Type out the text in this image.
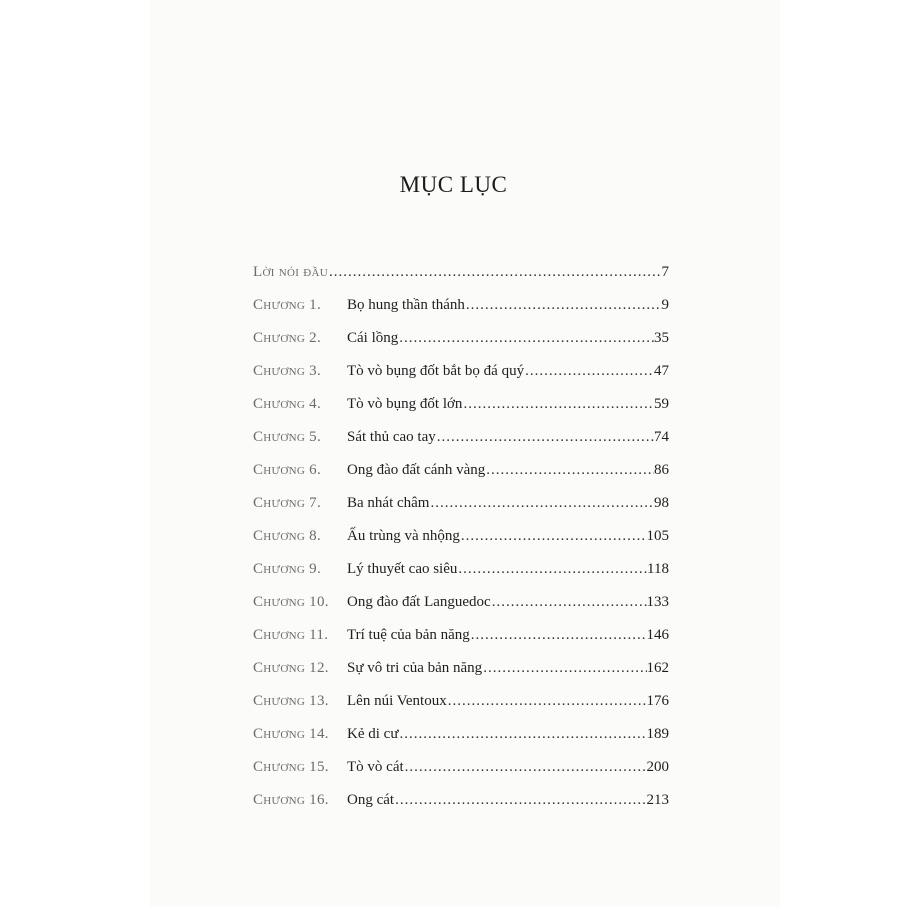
MỤC LỤC
Lời nói đầu .....	7
Chương 1.	Bọ hung thần thánh .....	9
Chương 2.	Cái lồng .....	35
Chương 3.	Tò vò bụng đốt bắt bọ đá quý .....	47
Chương 4.	Tò vò bụng đốt lớn .....	59
Chương 5.	Sát thủ cao tay .....	74
Chương 6.	Ong đào đất cánh vàng .....	86
Chương 7.	Ba nhát châm .....	98
Chương 8.	Ấu trùng và nhộng .....	105
Chương 9.	Lý thuyết cao siêu .....	118
Chương 10.	Ong đào đất Languedoc .....	133
Chương 11.	Trí tuệ của bản năng .....	146
Chương 12.	Sự vô tri của bản năng .....	162
Chương 13.	Lên núi Ventoux .....	176
Chương 14.	Kẻ di cư .....	189
Chương 15.	Tò vò cát .....	200
Chương 16.	Ong cát .....	213
